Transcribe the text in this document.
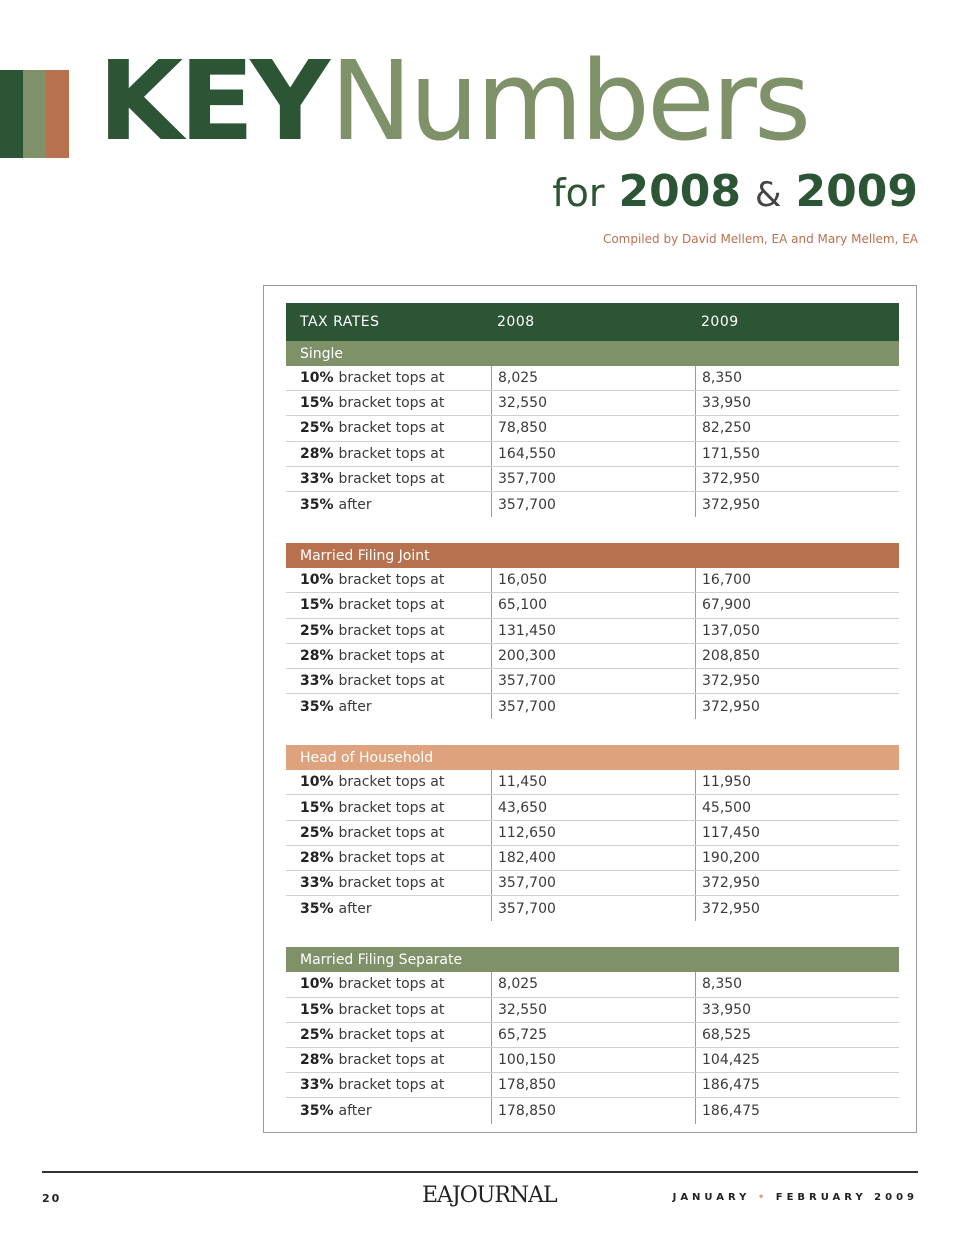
KEY Numbers
for 2008 & 2009
Compiled by David Mellem, EA and Mary Mellem, EA
TAX RATES	2008	2009
Single
10% bracket tops at	8,025	8,350
15% bracket tops at	32,550	33,950
25% bracket tops at	78,850	82,250
28% bracket tops at	164,550	171,550
33% bracket tops at	357,700	372,950
35% after	357,700	372,950
Married Filing Joint
10% bracket tops at	16,050	16,700
15% bracket tops at	65,100	67,900
25% bracket tops at	131,450	137,050
28% bracket tops at	200,300	208,850
33% bracket tops at	357,700	372,950
35% after	357,700	372,950
Head of Household
10% bracket tops at	11,450	11,950
15% bracket tops at	43,650	45,500
25% bracket tops at	112,650	117,450
28% bracket tops at	182,400	190,200
33% bracket tops at	357,700	372,950
35% after	357,700	372,950
Married Filing Separate
10% bracket tops at	8,025	8,350
15% bracket tops at	32,550	33,950
25% bracket tops at	65,725	68,525
28% bracket tops at	100,150	104,425
33% bracket tops at	178,850	186,475
35% after	178,850	186,475
20	EAJOURNAL	JANUARY • FEBRUARY 2009
